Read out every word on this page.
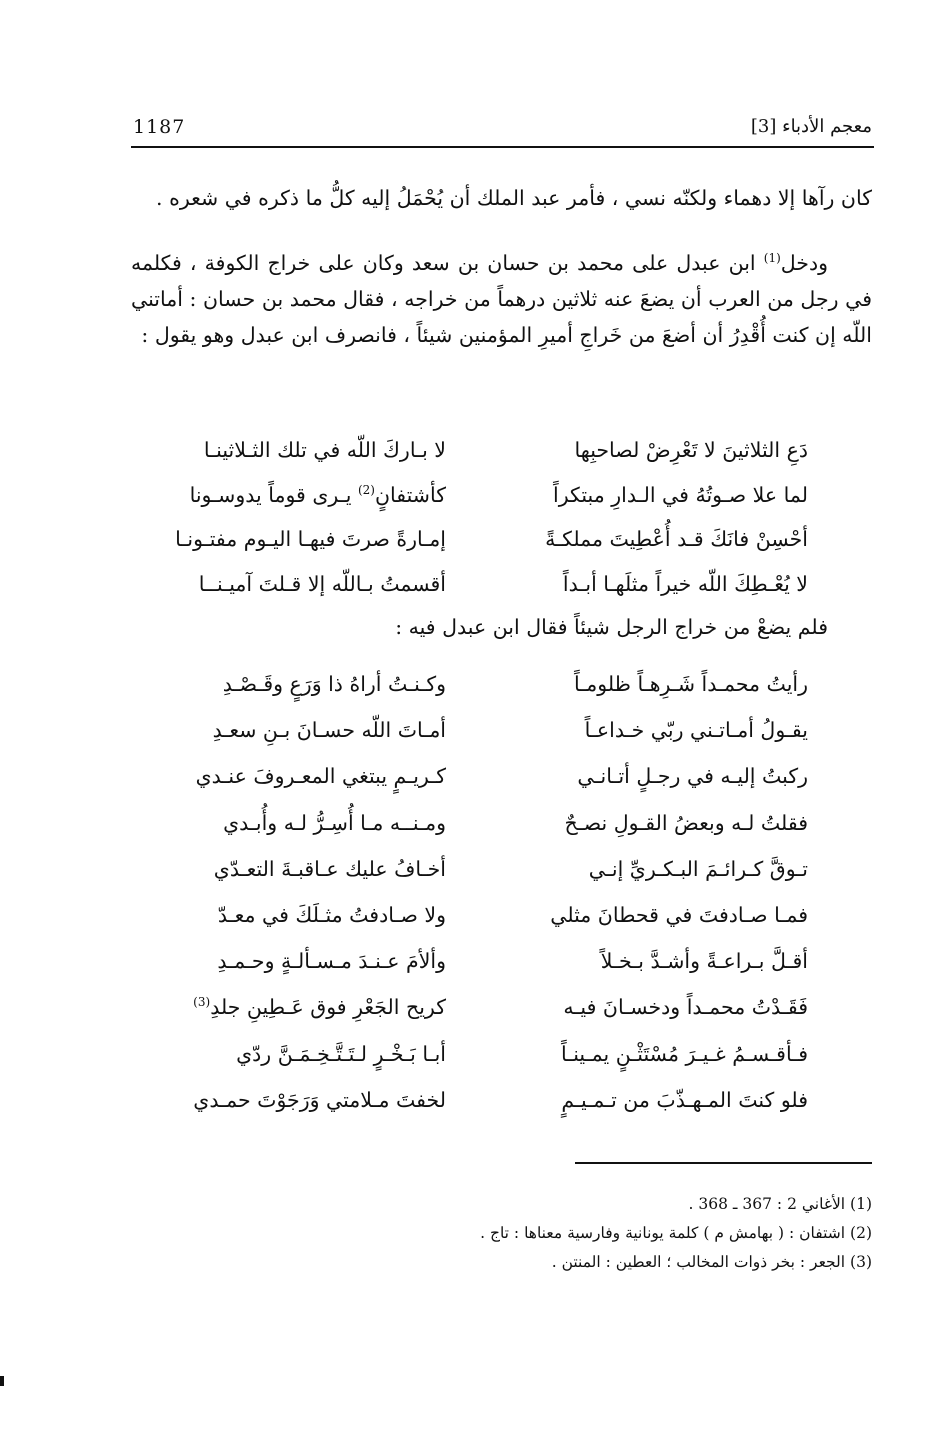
1187	معجم الأدباء [3]

كان رآها إلا دهماء ولكنّه نسي ، فأمر عبد الملك أن يُحْمَلُ إليه كلُّ ما ذكره في شعره .

ودخل$^{(1)}$ ابن عبدل على محمد بن حسان بن سعد وكان على خراج الكوفة ، فكلمه في رجل من العرب أن يضعَ عنه ثلاثين درهماً من خراجه ، فقال محمد بن حسان : أماتني اللّه إن كنت أُقْدِرُ أن أضعَ من خَراجِ أميرِ المؤمنين شيئاً ، فانصرف ابن عبدل وهو يقول :

دَعِ الثلاثينَ لا تَعْرِضْ لصاحبِها
لا بـاركَ اللّه في تلك الثـلاثينـا
لما علا صـوتُهُ في الـدارِ مبتكراً
كأشتفانٍ$^{(2)}$ يـرى قوماً يدوسـونا
أحْسِنْ فانَكَ قـد أُعْطِيتَ مملكـةً
إمـارةً صرتَ فيهـا اليـوم مفتـونـا
لا يُعْـطِكَ اللّه خيراً مثلَهـا أبـداً
أقسمتُ بـاللّه إلا قـلتَ آميـنــا

فلم يضعْ من خراج الرجل شيئاً فقال ابن عبدل فيه :

رأيتُ محمـداً شَـرِهـاً ظلومـاً
وكـنـتُ أراهُ ذا وَرَعٍ وقَـصْـدِ
يقـولُ أمـاتـني ربّي خـداعـاً
أمـاتَ اللّه حسـانَ بـنِ سعـدِ
ركبتُ إليـه في رجـلٍ أتـانـي
كـريـمٍ يبتغي المعـروفَ عنـدي
فقلتُ لـه وبعضُ القـولِ نصـحٌ
ومـنــه مـا أُسِـرُّ لـه وأُبـدي
تـوقَّ كـرائـمَ البـكـريِّ إنـي
أخـافُ عليك عـاقبـةَ التعـدّي
فمـا صـادفتَ في قحطانَ مثلي
ولا صـادفتُ مثـلَكَ في معـدّ
أقـلَّ بـراعـةً وأشـدَّ بـخـلاً
وألأمَ عـنـدَ مـسـألـةٍ وحـمـدِ
فَقَـدْتُ محمـداً ودخسـانَ فيـه
كريح الجَعْرِ فوق عَـطِينِ جلدِ$^{(3)}$
فـأقـسـمُ غـيـرَ مُسْتَثْـنٍ يمـينـاً
أبـا بَـخْـرٍ لـتَـتَّـخِـمَـنَّ ردّي
فلو كنتَ المـهـذّبَ من تـمـيـمٍ
لخفتَ مـلامتي وَرَجَوْتَ حمـدي
(1) الأغاني 2 : 367 ـ 368 .
(2) اشتفان : ( بهامش م ) كلمة يونانية وفارسية معناها : تاج .
(3) الجعر : بخر ذوات المخالب ؛ العطين : المنتن .
